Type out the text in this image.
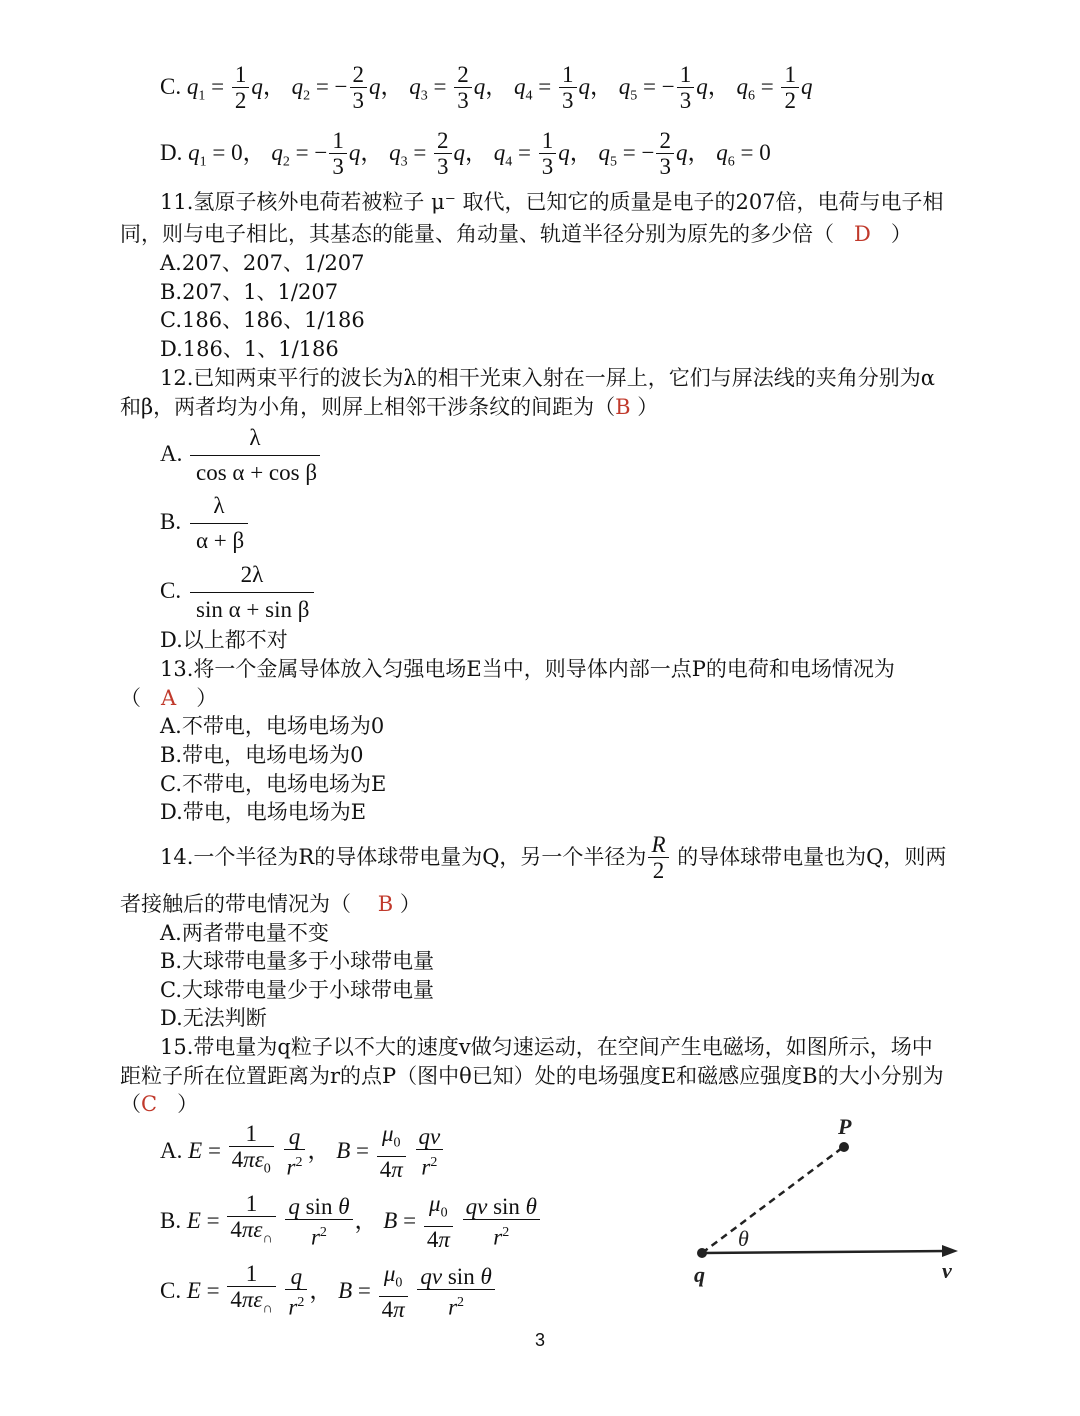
C. $q_1 = \frac{1}{2}$ q， $q_2$ = − $\frac{2}{3}$ q， $q_3 = \frac{2}{3}$ q， $q_4 = \frac{1}{3}$ q， $q_5$ = − $\frac{1}{3}$ q， $q_6 = \frac{1}{2}$ q
D. $q_1 = 0$， $q_2$ = − $\frac{1}{3}$ q， $q_3 = \frac{2}{3}$ q， $q_4 = \frac{1}{3}$ q， $q_5$ = − $\frac{2}{3}$ q， $q_6 = 0$
11.氢原子核外电荷若被粒子 μ⁻ 取代，已知它的质量是电子的207倍，电荷与电子相
同，则与电子相比，其基态的能量、角动量、轨道半径分别为原先的多少倍（ D ）
A.207、207、1/207
B.207、1、1/207
C.186、186、1/186
D.186、1、1/186
12.已知两束平行的波长为λ的相干光束入射在一屏上，它们与屏法线的夹角分别为α
和β，两者均为小角，则屏上相邻干涉条纹的间距为（B ）
A. $\frac{\lambda}{\text{cos α + cos β}}$
B. $\frac{\lambda}{\alpha + \beta}$
C. $\frac{2\lambda}{\text{sin α + sin β}}$
D.以上都不对
13.将一个金属导体放入匀强电场E当中，则导体内部一点P的电荷和电场情况为
（ A ）
A.不带电，电场电场为0
B.带电，电场电场为0
C.不带电，电场电场为E
D.带电，电场电场为E
14.一个半径为R的导体球带电量为Q，另一个半径为 $\frac{R}{2}$ 的导体球带电量也为Q，则两
者接触后的带电情况为（ B ）
A.两者带电量不变
B.大球带电量多于小球带电量
C.大球带电量少于小球带电量
D.无法判断
15.带电量为q粒子以不大的速度v做匀速运动，在空间产生电磁场，如图所示，场中
距粒子所在位置距离为r的点P（图中θ已知）处的电场强度E和磁感应强度B的大小分别为
（C ）
A. $E = \frac{1}{4\pi\varepsilon_0}$
$\frac{q}{r^2}$ ， $B = \frac{\mu_0}{4\pi}$
$\frac{qv}{r^2}$
B. $E = \frac{1}{4\pi\varepsilon_\cap}$
$\frac{\text{q sin θ}}{r^2}$ ， $B = \frac{\mu_0}{4\pi}$
$\frac{\text{qv sin θ}}{r^2}$
C. $E = \frac{1}{4\pi\varepsilon_\cap}$
$\frac{q}{r^2}$ ， $B = \frac{\mu_0}{4\pi}$
$\frac{\text{qv sin θ}}{r^2}$
P
θ
q	v
3
